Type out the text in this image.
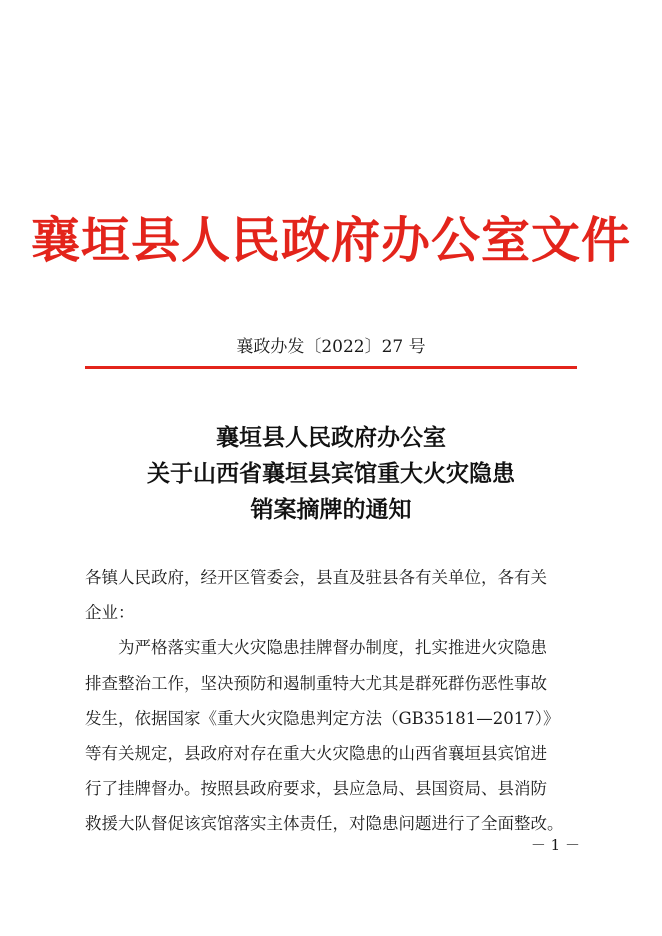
襄垣县人民政府办公室文件
襄政办发〔2022〕27 号
襄垣县人民政府办公室
关于山西省襄垣县宾馆重大火灾隐患
销案摘牌的通知
各镇人民政府，经开区管委会，县直及驻县各有关单位，各有关
企业：
　　为严格落实重大火灾隐患挂牌督办制度，扎实推进火灾隐患
排查整治工作，坚决预防和遏制重特大尤其是群死群伤恶性事故
发生，依据国家《重大火灾隐患判定方法（GB35181—2017）》
等有关规定，县政府对存在重大火灾隐患的山西省襄垣县宾馆进
行了挂牌督办。按照县政府要求，县应急局、县国资局、县消防
救援大队督促该宾馆落实主体责任，对隐患问题进行了全面整改。
－ 1 －
